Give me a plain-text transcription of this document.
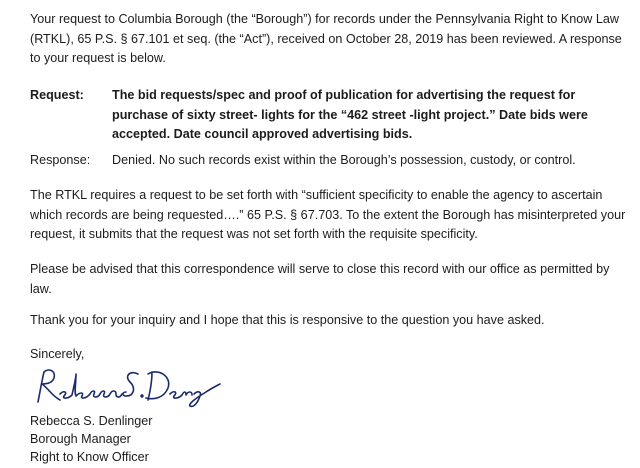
Your request to Columbia Borough (the “Borough”) for records under the Pennsylvania Right to Know Law (RTKL), 65 P.S. § 67.101 et seq. (the “Act”), received on October 28, 2019 has been reviewed. A response to your request is below.

Request:	The bid requests/spec and proof of publication for advertising the request for purchase of sixty street- lights for the “462 street -light project.” Date bids were accepted. Date council approved advertising bids.
Response:	Denied. No such records exist within the Borough’s possession, custody, or control.

The RTKL requires a request to be set forth with “sufficient specificity to enable the agency to ascertain which records are being requested….” 65 P.S. § 67.703. To the extent the Borough has misinterpreted your request, it submits that the request was not set forth with the requisite specificity.

Please be advised that this correspondence will serve to close this record with our office as permitted by law.

Thank you for your inquiry and I hope that this is responsive to the question you have asked.

Sincerely,

Rebecca S. Denlinger
Borough Manager
Right to Know Officer
